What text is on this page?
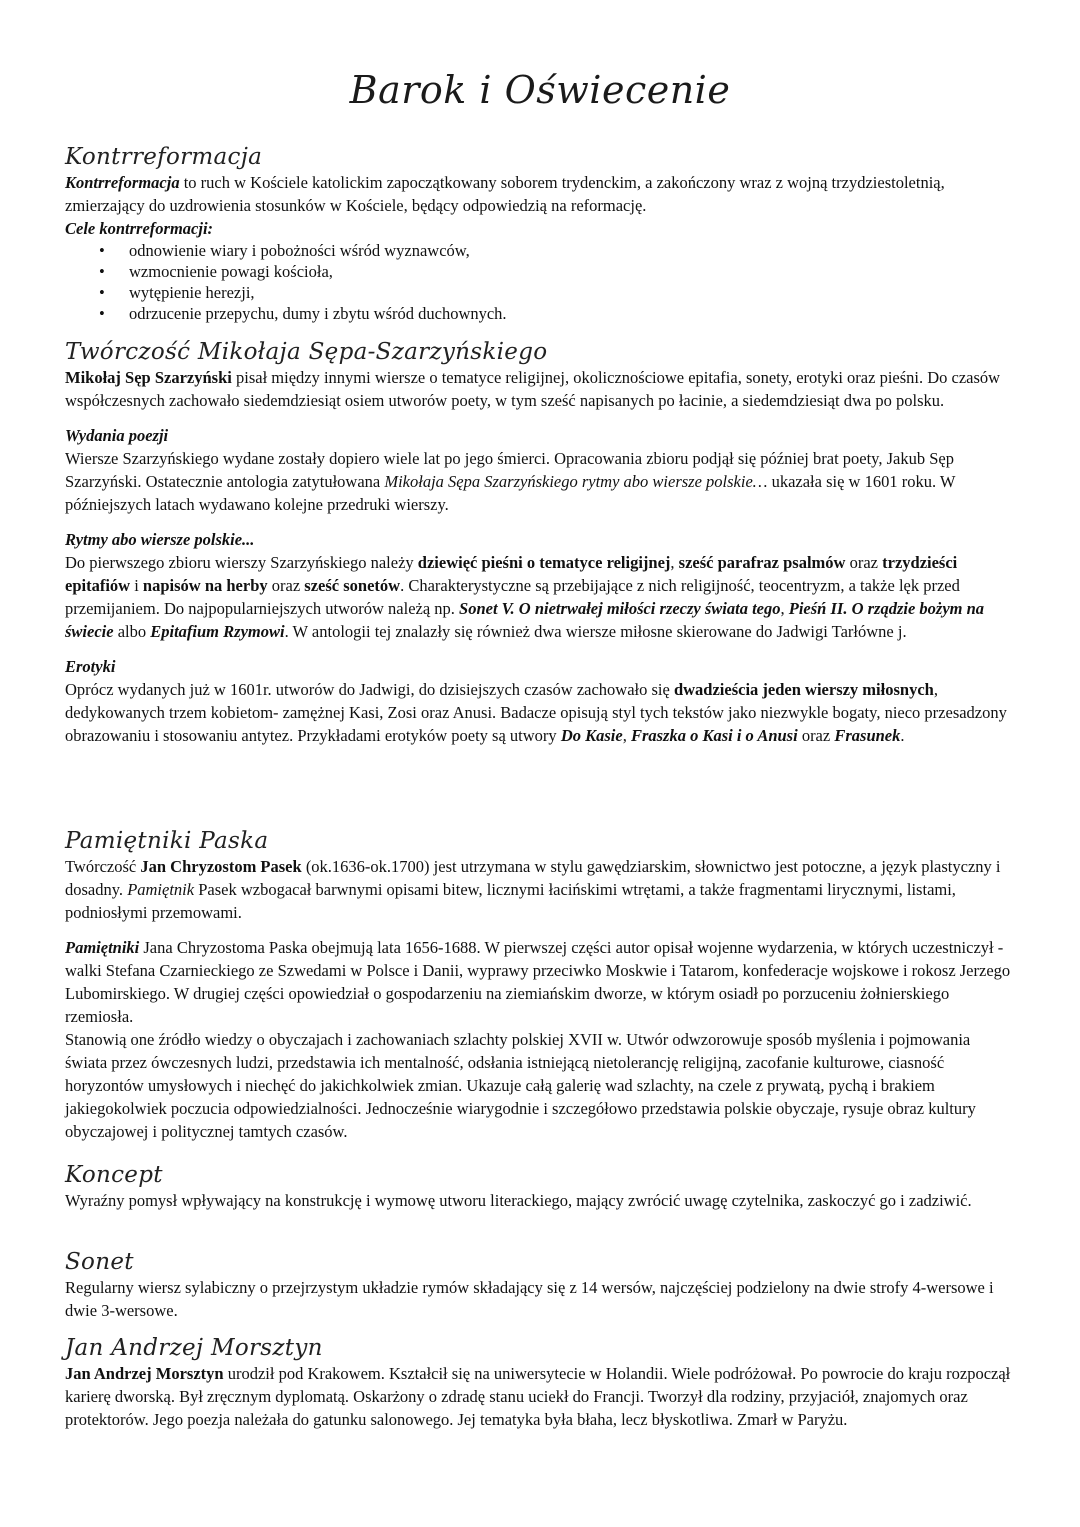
Barok i Oświecenie
Kontrreformacja

Kontrreformacja to ruch w Kościele katolickim zapoczątkowany soborem trydenckim, a zakończony wraz z wojną trzydziestoletnią, zmierzający do uzdrowienia stosunków w Kościele, będący odpowiedzią na reformację.

Cele kontrreformacji:

• odnowienie wiary i pobożności wśród wyznawców,
• wzmocnienie powagi kościoła,
• wytępienie herezji,
• odrzucenie przepychu, dumy i zbytu wśród duchownych.
Twórczość Mikołaja Sępa-Szarzyńskiego

Mikołaj Sęp Szarzyński pisał między innymi wiersze o tematyce religijnej, okolicznościowe epitafia, sonety, erotyki oraz pieśni. Do czasów współczesnych zachowało siedemdziesiąt osiem utworów poety, w tym sześć napisanych po łacinie, a siedemdziesiąt dwa po polsku.

Wydania poezji

Wiersze Szarzyńskiego wydane zostały dopiero wiele lat po jego śmierci. Opracowania zbioru podjął się później brat poety, Jakub Sęp Szarzyński. Ostatecznie antologia zatytułowana Mikołaja Sępa Szarzyńskiego rytmy abo wiersze polskie… ukazała się w 1601 roku. W późniejszych latach wydawano kolejne przedruki wierszy.

Rytmy abo wiersze polskie...

Do pierwszego zbioru wierszy Szarzyńskiego należy dziewięć pieśni o tematyce religijnej, sześć parafraz psalmów oraz trzydzieści epitafiów i napisów na herby oraz sześć sonetów. Charakterystyczne są przebijające z nich religijność, teocentryzm, a także lęk przed przemijaniem. Do najpopularniejszych utworów należą np. Sonet V. O nietrwałej miłości rzeczy świata tego, Pieśń II. O rządzie bożym na świecie albo Epitafium Rzymowi. W antologii tej znalazły się również dwa wiersze miłosne skierowane do Jadwigi Tarłówne j.

Erotyki

Oprócz wydanych już w 1601r. utworów do Jadwigi, do dzisiejszych czasów zachowało się dwadzieścia jeden wierszy miłosnych, dedykowanych trzem kobietom- zamężnej Kasi, Zosi oraz Anusi. Badacze opisują styl tych tekstów jako niezwykle bogaty, nieco przesadzony obrazowaniu i stosowaniu antytez. Przykładami erotyków poety są utwory Do Kasie, Fraszka o Kasi i o Anusi oraz Frasunek.

Pamiętniki Paska

Twórczość Jan Chryzostom Pasek (ok.1636-ok.1700) jest utrzymana w stylu gawędziarskim, słownictwo jest potoczne, a język plastyczny i dosadny. Pamiętnik Pasek wzbogacał barwnymi opisami bitew, licznymi łacińskimi wtrętami, a także fragmentami lirycznymi, listami, podniosłymi przemowami.

Pamiętniki Jana Chryzostoma Paska obejmują lata 1656-1688. W pierwszej części autor opisał wojenne wydarzenia, w których uczestniczył - walki Stefana Czarnieckiego ze Szwedami w Polsce i Danii, wyprawy przeciwko Moskwie i Tatarom, konfederacje wojskowe i rokosz Jerzego Lubomirskiego. W drugiej części opowiedział o gospodarzeniu na ziemiańskim dworze, w którym osiadł po porzuceniu żołnierskiego rzemiosła.

Stanowią one źródło wiedzy o obyczajach i zachowaniach szlachty polskiej XVII w. Utwór odwzorowuje sposób myślenia i pojmowania świata przez ówczesnych ludzi, przedstawia ich mentalność, odsłania istniejącą nietolerancję religijną, zacofanie kulturowe, ciasność horyzontów umysłowych i niechęć do jakichkolwiek zmian. Ukazuje całą galerię wad szlachty, na czele z prywatą, pychą i brakiem jakiegokolwiek poczucia odpowiedzialności. Jednocześnie wiarygodnie i szczegółowo przedstawia polskie obyczaje, rysuje obraz kultury obyczajowej i politycznej tamtych czasów.

Koncept

Wyraźny pomysł wpływający na konstrukcję i wymowę utworu literackiego, mający zwrócić uwagę czytelnika, zaskoczyć go i zadziwić.

Sonet

Regularny wiersz sylabiczny o przejrzystym układzie rymów składający się z 14 wersów, najczęściej podzielony na dwie strofy 4-wersowe i dwie 3-wersowe.

Jan Andrzej Morsztyn

Jan Andrzej Morsztyn urodził pod Krakowem. Kształcił się na uniwersytecie w Holandii. Wiele podróżował. Po powrocie do kraju rozpoczął karierę dworską. Był zręcznym dyplomatą. Oskarżony o zdradę stanu uciekł do Francji. Tworzył dla rodziny, przyjaciół, znajomych oraz protektorów. Jego poezja należała do gatunku salonowego. Jej tematyka była błaha, lecz błyskotliwa. Zmarł w Paryżu.
